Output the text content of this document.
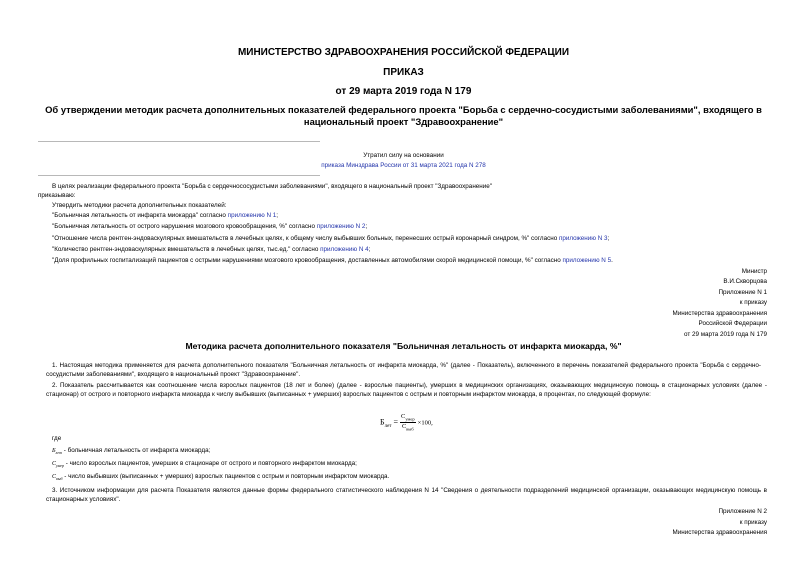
МИНИСТЕРСТВО ЗДРАВООХРАНЕНИЯ РОССИЙСКОЙ ФЕДЕРАЦИИ
ПРИКАЗ
от 29 марта 2019 года N 179
Об утверждении методик расчета дополнительных показателей федерального проекта "Борьба с сердечно-сосудистыми заболеваниями", входящего в
национальный проект "Здравоохранение"
Утратил силу на основании
приказа Минздрава России от 31 марта 2021 года N 278
В целях реализации федерального проекта "Борьба с сердечнососудистыми заболеваниями", входящего в национальный проект "Здравоохранение"
приказываю:
Утвердить методики расчета дополнительных показателей:
"Больничная летальность от инфаркта миокарда" согласно приложению N 1;
"Больничная летальность от острого нарушения мозгового кровообращения, %" согласно приложению N 2;
"Отношение числа рентген-эндоваскулярных вмешательств в лечебных целях, к общему числу выбывших больных, перенесших острый коронарный синдром, %" согласно приложению N 3;
"Количество рентген-эндоваскулярных вмешательств в лечебных целях, тыс.ед." согласно приложению N 4;
"Доля профильных госпитализаций пациентов с острыми нарушениями мозгового кровообращения, доставленных автомобилями скорой медицинской помощи, %" согласно приложению N 5.
Министр
В.И.Скворцова
Приложение N 1
к приказу
Министерства здравоохранения
Российской Федерации
от 29 марта 2019 года N 179
Методика расчета дополнительного показателя "Больничная летальность от инфаркта миокарда, %"
1. Настоящая методика применяется для расчета дополнительного показателя "Больничная летальность от инфаркта миокарда, %" (далее - Показатель), включенного в перечень показателей федерального проекта "Борьба с сердечно-сосудистыми заболеваниями", входящего в национальный проект "Здравоохранение".
2. Показатель рассчитывается как соотношение числа взрослых пациентов (18 лет и более) (далее - взрослые пациенты), умерших в медицинских организациях, оказывающих медицинскую помощь в стационарных условиях (далее - стационар) от острого и повторного инфаркта миокарда к числу выбывших (выписанных + умерших) взрослых пациентов с острым и повторным инфарктом миокарда, в процентах, по следующей формуле:
$Б_{лет} = \frac{С_{умер}}{С_{выб}} \times 100$,
где
$Б_{лет}$ - больничная летальность от инфаркта миокарда;
$С_{умер}$ - число взрослых пациентов, умерших в стационаре от острого и повторного инфарктом миокарда;
$С_{выб}$ - число выбывших (выписанных + умерших) взрослых пациентов с острым и повторным инфарктом миокарда.
3. Источником информации для расчета Показателя являются данные формы федерального статистического наблюдения N 14 "Сведения о деятельности подразделений медицинской организации, оказывающих медицинскую помощь в стационарных условиях".
Приложение N 2
к приказу
Министерства здравоохранения
